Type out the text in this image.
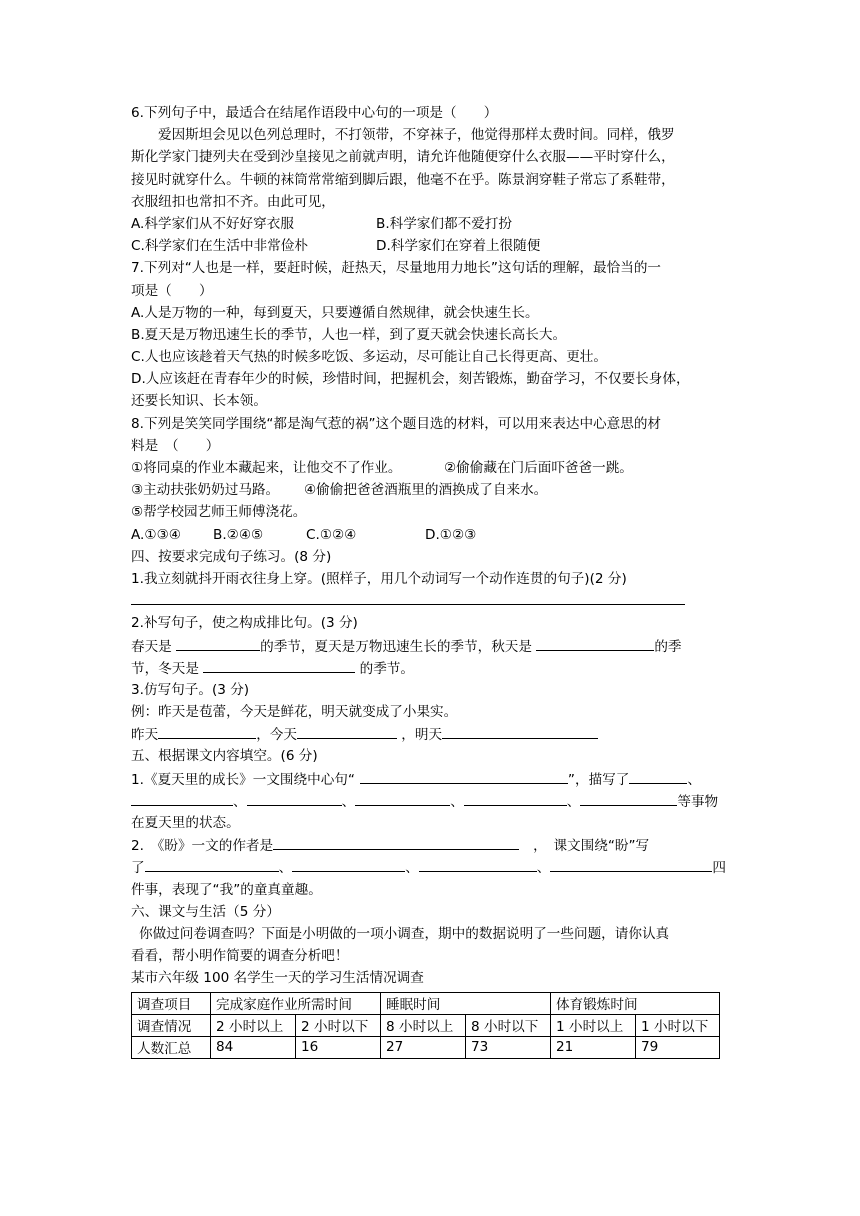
6.下列句子中，最适合在结尾作语段中心句的一项是（　　）
爱因斯坦会见以色列总理时，不打领带，不穿袜子，他觉得那样太费时间。同样，俄罗
斯化学家门捷列夫在受到沙皇接见之前就声明，请允许他随便穿什么衣服——平时穿什么，
接见时就穿什么。牛顿的袜筒常常缩到脚后跟，他毫不在乎。陈景润穿鞋子常忘了系鞋带，
衣服纽扣也常扣不齐。由此可见，
A.科学家们从不好好穿衣服	B.科学家们都不爱打扮
C.科学家们在生活中非常俭朴	D.科学家们在穿着上很随便
7.下列对“人也是一样，要赶时候，赶热天，尽量地用力地长”这句话的理解，最恰当的一
项是（　　）
A.人是万物的一种，每到夏天，只要遵循自然规律，就会快速生长。
B.夏天是万物迅速生长的季节，人也一样，到了夏天就会快速长高长大。
C.人也应该趁着天气热的时候多吃饭、多运动，尽可能让自己长得更高、更壮。
D.人应该赶在青春年少的时候，珍惜时间，把握机会，刻苦锻炼，勤奋学习，不仅要长身体，
还要长知识、长本领。
8.下列是笑笑同学围绕“都是淘气惹的祸”这个题目选的材料，可以用来表达中心意思的材
料是　（　　）
①将同桌的作业本藏起来，让他交不了作业。	②偷偷藏在门后面吓爸爸一跳。
③主动扶张奶奶过马路。 ④偷偷把爸爸酒瓶里的酒换成了自来水。
⑤帮学校园艺师王师傅浇花。
A.①③④ B.②④⑤	C.①②④	D.①②③
四、按要求完成句子练习。(8 分)
1.我立刻就抖开雨衣往身上穿。(照样子，用几个动词写一个动作连贯的句子)(2 分)
2.补写句子，使之构成排比句。(3 分)
春天是	的季节，夏天是万物迅速生长的季节，秋天是	的季
节，冬天是	的季节。
3.仿写句子。(3 分)
例：昨天是苞蕾，今天是鲜花，明天就变成了小果实。
昨天	，今天	，明天
五、根据课文内容填空。(6 分)
1.《夏天里的成长》一文围绕中心句“	”，描写了	、
、	、	、	、	等事物
在夏天里的状态。
2.　《盼》一文的作者是	，　课文围绕“盼”写
了	、	、	、	四
件事，表现了“我”的童真童趣。
六、课文与生活（5 分）
你做过问卷调查吗？下面是小明做的一项小调查，期中的数据说明了一些问题，请你认真
看看，帮小明作简要的调查分析吧！
某市六年级 100 名学生一天的学习生活情况调查
调查项目	完成家庭作业所需时间		睡眠时间		体育锻炼时间	
调查情况	2 小时以上	2 小时以下	8 小时以上	8 小时以下	1 小时以上	1 小时以下
人数汇总	84	16	27	73	21	79
